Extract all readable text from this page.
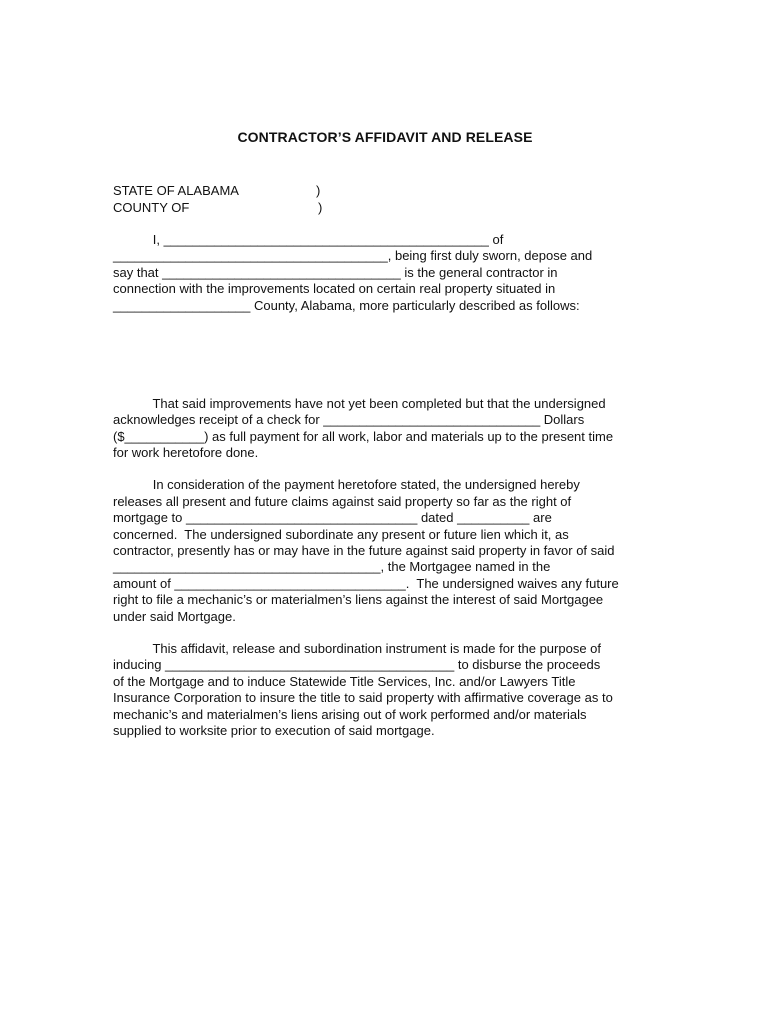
CONTRACTOR’S AFFIDAVIT AND RELEASE
STATE OF ALABAMA	)
COUNTY OF	)
I, _____________________________________________ of
______________________________________, being first duly sworn, depose and
say that _________________________________ is the general contractor in
connection with the improvements located on certain real property situated in
___________________ County, Alabama, more particularly described as follows:
That said improvements have not yet been completed but that the undersigned
acknowledges receipt of a check for ______________________________ Dollars
($___________) as full payment for all work, labor and materials up to the present time
for work heretofore done.
In consideration of the payment heretofore stated, the undersigned hereby
releases all present and future claims against said property so far as the right of
mortgage to ________________________________ dated __________ are
concerned.  The undersigned subordinate any present or future lien which it, as
contractor, presently has or may have in the future against said property in favor of said
_____________________________________, the Mortgagee named in the
amount of ________________________________.  The undersigned waives any future
right to file a mechanic’s or materialmen’s liens against the interest of said Mortgagee
under said Mortgage.
This affidavit, release and subordination instrument is made for the purpose of
inducing ________________________________________ to disburse the proceeds
of the Mortgage and to induce Statewide Title Services, Inc. and/or Lawyers Title
Insurance Corporation to insure the title to said property with affirmative coverage as to
mechanic’s and materialmen’s liens arising out of work performed and/or materials
supplied to worksite prior to execution of said mortgage.
